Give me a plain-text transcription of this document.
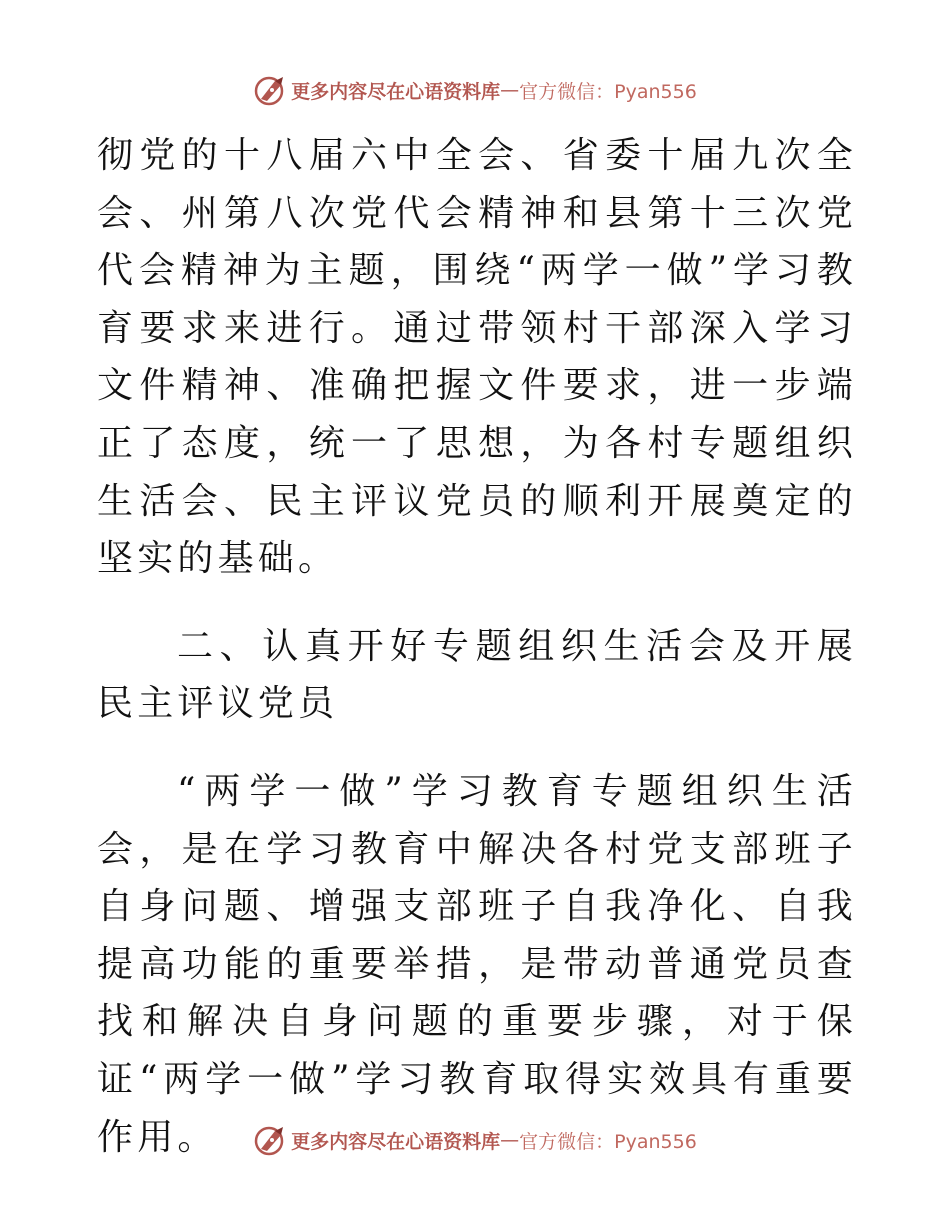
更多内容尽在心语资料库 — 官方微信：Pyan556

彻党的十八届六中全会、省委十届九次全会、州第八次党代会精神和县第十三次党代会精神为主题，围绕“两学一做”学习教育要求来进行。通过带领村干部深入学习文件精神、准确把握文件要求，进一步端正了态度，统一了思想，为各村专题组织生活会、民主评议党员的顺利开展奠定的坚实的基础。

二、认真开好专题组织生活会及开展民主评议党员

“两学一做”学习教育专题组织生活会，是在学习教育中解决各村党支部班子自身问题、增强支部班子自我净化、自我提高功能的重要举措，是带动普通党员查找和解决自身问题的重要步骤，对于保证“两学一做”学习教育取得实效具有重要作用。	更多内容尽在心语资料库 — 官方微信：Pyan556
